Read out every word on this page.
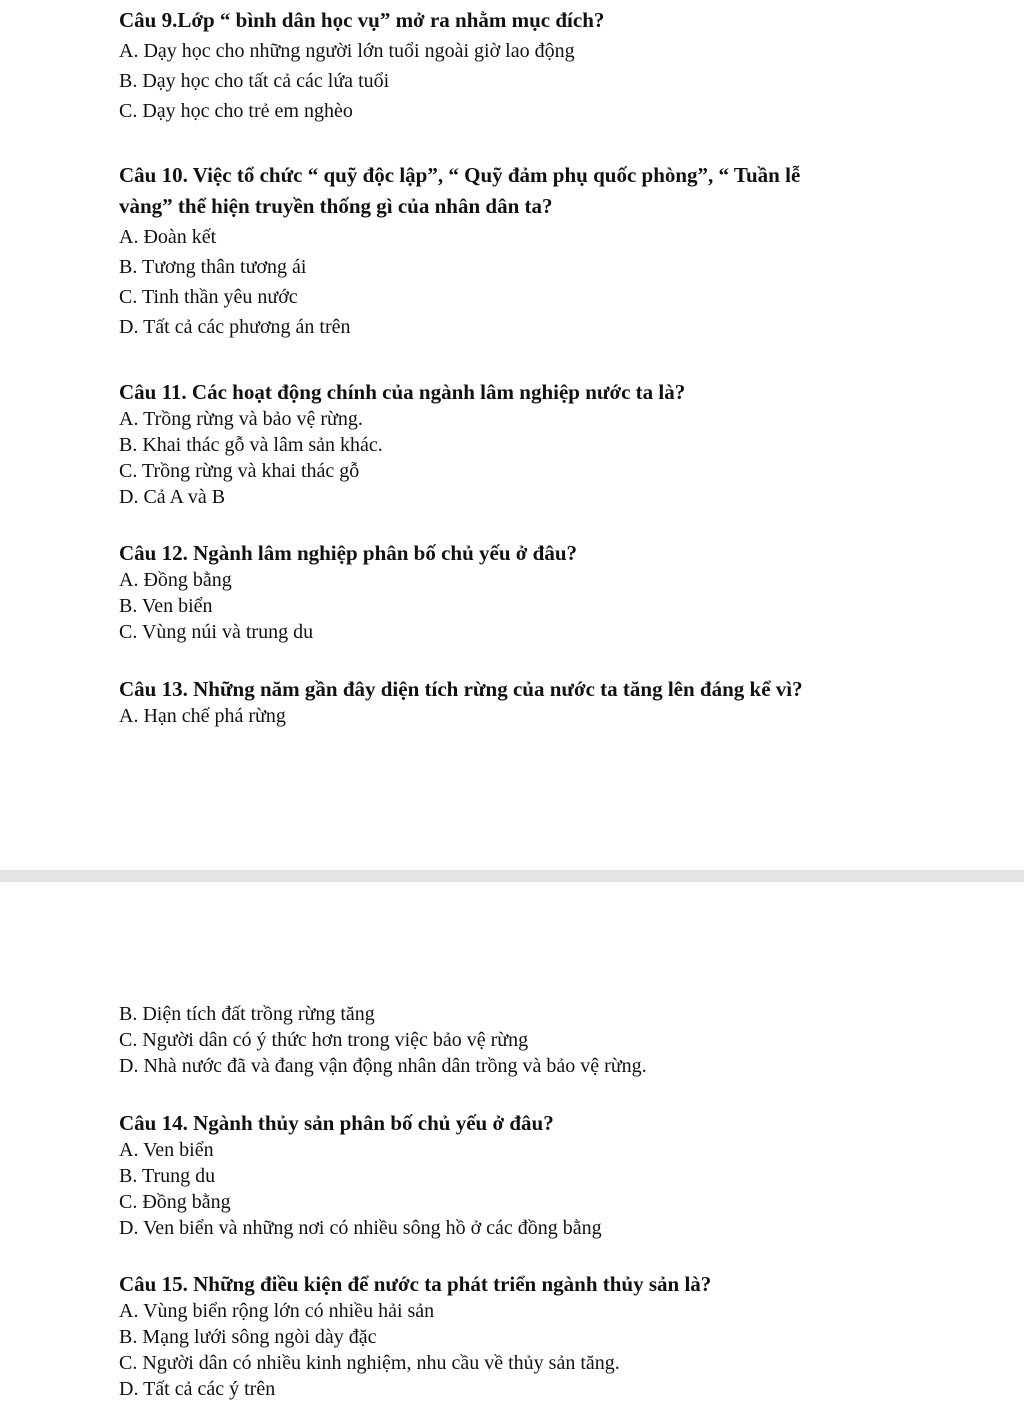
Câu 9.Lớp “ bình dân học vụ” mở ra nhằm mục đích?

A. Dạy học cho những người lớn tuổi ngoài giờ lao động

B. Dạy học cho tất cả các lứa tuổi

C. Dạy học cho trẻ em nghèo

Câu 10. Việc tổ chức “ quỹ độc lập”, “ Quỹ đảm phụ quốc phòng”, “ Tuần lễ

vàng” thể hiện truyền thống gì của nhân dân ta?

A. Đoàn kết

B. Tương thân tương ái

C. Tinh thần yêu nước

D. Tất cả các phương án trên

Câu 11. Các hoạt động chính của ngành lâm nghiệp nước ta là?

A. Trồng rừng và bảo vệ rừng.

B. Khai thác gỗ và lâm sản khác.

C. Trồng rừng và khai thác gỗ

D. Cả A và B

Câu 12. Ngành lâm nghiệp phân bố chủ yếu ở đâu?

A. Đồng bằng

B. Ven biển

C. Vùng núi và trung du

Câu 13. Những năm gần đây diện tích rừng của nước ta tăng lên đáng kể vì?

A. Hạn chế phá rừng

B. Diện tích đất trồng rừng tăng

C. Người dân có ý thức hơn trong việc bảo vệ rừng

D. Nhà nước đã và đang vận động nhân dân trồng và bảo vệ rừng.

Câu 14. Ngành thủy sản phân bố chủ yếu ở đâu?

A. Ven biển

B. Trung du

C. Đồng bằng

D. Ven biển và những nơi có nhiều sông hồ ở các đồng bằng

Câu 15. Những điều kiện để nước ta phát triển ngành thủy sản là?

A. Vùng biển rộng lớn có nhiều hải sản

B. Mạng lưới sông ngòi dày đặc

C. Người dân có nhiều kinh nghiệm, nhu cầu về thủy sản tăng.

D. Tất cả các ý trên
